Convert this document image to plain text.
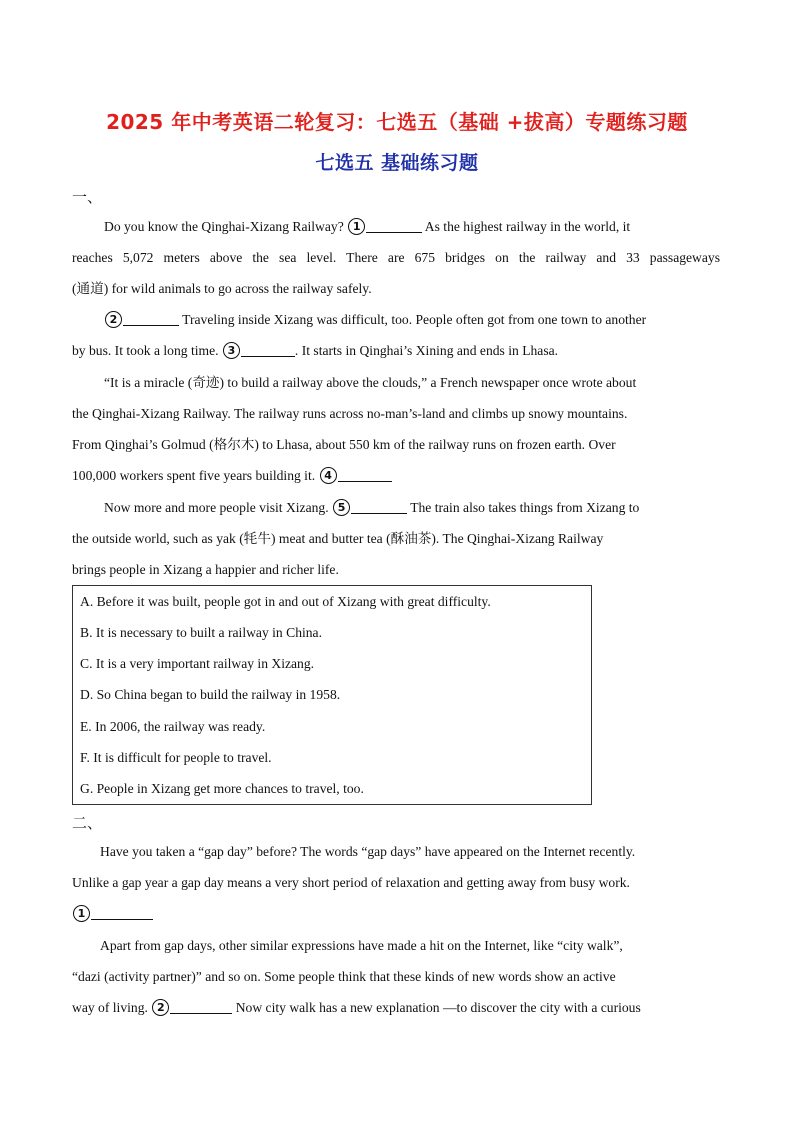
2025 年中考英语二轮复习：七选五（基础 +拔高）专题练习题
七选五 基础练习题
一、
Do you know the Qinghai-Xizang Railway? 1	As the highest railway in the world, it
reaches 5,072 meters above the sea level. There are 675 bridges on the railway and 33 passageways
(通道) for wild animals to go across the railway safely.
2	Traveling inside Xizang was difficult, too. People often got from one town to another
by bus. It took a long time. 3	. It starts in Qinghai’s Xining and ends in Lhasa.
“It is a miracle (奇迹) to build a railway above the clouds,” a French newspaper once wrote about
the Qinghai-Xizang Railway. The railway runs across no-man’s-land and climbs up snowy mountains.
From Qinghai’s Golmud (格尔木) to Lhasa, about 550 km of the railway runs on frozen earth. Over
100,000 workers spent five years building it. 4
Now more and more people visit Xizang. 5	The train also takes things from Xizang to
the outside world, such as yak (牦牛) meat and butter tea (酥油茶). The Qinghai-Xizang Railway
brings people in Xizang a happier and richer life.
A. Before it was built, people got in and out of Xizang with great difficulty.
B. It is necessary to built a railway in China.
C. It is a very important railway in Xizang.
D. So China began to build the railway in 1958.
E. In 2006, the railway was ready.
F. It is difficult for people to travel.
G. People in Xizang get more chances to travel, too.
二、
Have you taken a “gap day” before? The words “gap days” have appeared on the Internet recently.
Unlike a gap year a gap day means a very short period of relaxation and getting away from busy work.
1
Apart from gap days, other similar expressions have made a hit on the Internet, like “city walk”,
“dazi (activity partner)” and so on. Some people think that these kinds of new words show an active
way of living. 2	Now city walk has a new explanation —to discover the city with a curious
